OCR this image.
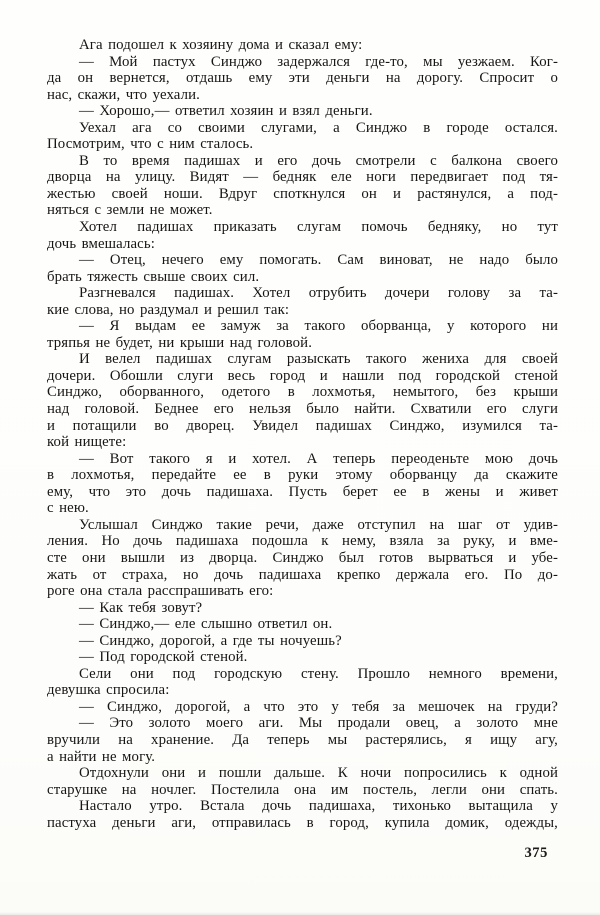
Ага подошел к хозяину дома и сказал ему:
— Мой пастух Синджо задержался где-то, мы уезжаем. Ког-
да он вернется, отдашь ему эти деньги на дорогу. Спросит о
нас, скажи, что уехали.
— Хорошо,— ответил хозяин и взял деньги.
Уехал ага со своими слугами, а Синджо в городе остался.
Посмотрим, что с ним сталось.
В то время падишах и его дочь смотрели с балкона своего
дворца на улицу. Видят — бедняк еле ноги передвигает под тя-
жестью своей ноши. Вдруг споткнулся он и растянулся, а под-
няться с земли не может.
Хотел падишах приказать слугам помочь бедняку, но тут
дочь вмешалась:
— Отец, нечего ему помогать. Сам виноват, не надо было
брать тяжесть свыше своих сил.
Разгневался падишах. Хотел отрубить дочери голову за та-
кие слова, но раздумал и решил так:
— Я выдам ее замуж за такого оборванца, у которого ни
тряпья не будет, ни крыши над головой.
И велел падишах слугам разыскать такого жениха для своей
дочери. Обошли слуги весь город и нашли под городской стеной
Синджо, оборванного, одетого в лохмотья, немытого, без крыши
над головой. Беднее его нельзя было найти. Схватили его слуги
и потащили во дворец. Увидел падишах Синджо, изумился та-
кой нищете:
— Вот такого я и хотел. А теперь переоденьте мою дочь
в лохмотья, передайте ее в руки этому оборванцу да скажите
ему, что это дочь падишаха. Пусть берет ее в жены и живет
с нею.
Услышал Синджо такие речи, даже отступил на шаг от удив-
ления. Но дочь падишаха подошла к нему, взяла за руку, и вме-
сте они вышли из дворца. Синджо был готов вырваться и убе-
жать от страха, но дочь падишаха крепко держала его. По до-
роге она стала расспрашивать его:
— Как тебя зовут?
— Синджо,— еле слышно ответил он.
— Синджо, дорогой, а где ты ночуешь?
— Под городской стеной.
Сели они под городскую стену. Прошло немного времени,
девушка спросила:
— Синджо, дорогой, а что это у тебя за мешочек на груди?
— Это золото моего аги. Мы продали овец, а золото мне
вручили на хранение. Да теперь мы растерялись, я ищу агу,
а найти не могу.
Отдохнули они и пошли дальше. К ночи попросились к одной
старушке на ночлег. Постелила она им постель, легли они спать.
Настало утро. Встала дочь падишаха, тихонько вытащила у
пастуха деньги аги, отправилась в город, купила домик, одежды,
375
